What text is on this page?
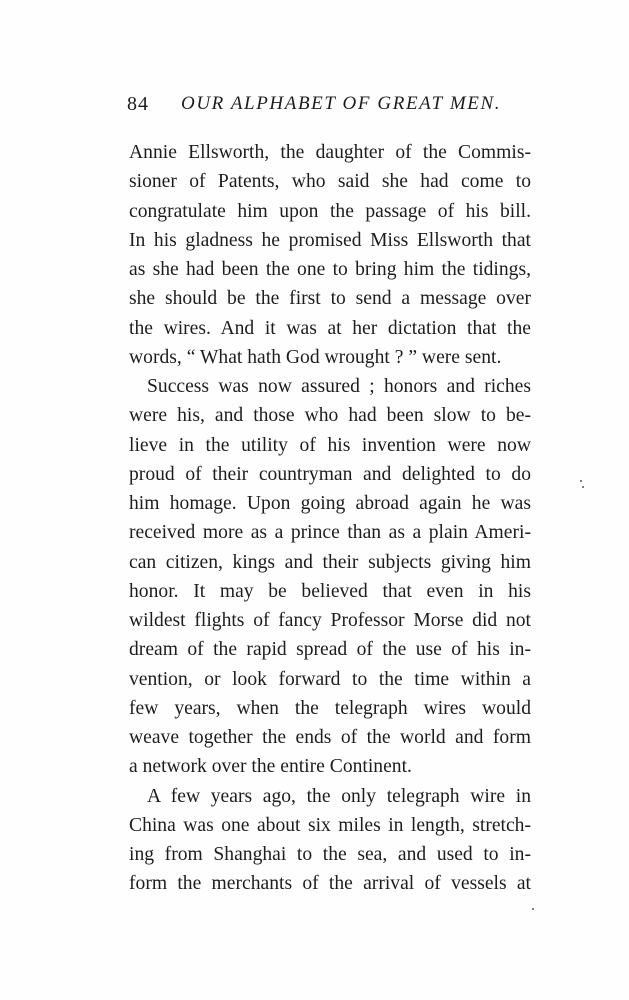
84 OUR ALPHABET OF GREAT MEN.
Annie Ellsworth, the daughter of the Commis-
sioner of Patents, who said she had come to
congratulate him upon the passage of his bill.
In his gladness he promised Miss Ellsworth that
as she had been the one to bring him the tidings,
she should be the first to send a message over
the wires. And it was at her dictation that the
words, “ What hath God wrought ? ” were sent.
Success was now assured ; honors and riches
were his, and those who had been slow to be-
lieve in the utility of his invention were now
proud of their countryman and delighted to do
him homage. Upon going abroad again he was
received more as a prince than as a plain Ameri-
can citizen, kings and their subjects giving him
honor. It may be believed that even in his
wildest flights of fancy Professor Morse did not
dream of the rapid spread of the use of his in-
vention, or look forward to the time within a
few years, when the telegraph wires would
weave together the ends of the world and form
a network over the entire Continent.
A few years ago, the only telegraph wire in
China was one about six miles in length, stretch-
ing from Shanghai to the sea, and used to in-
form the merchants of the arrival of vessels at
